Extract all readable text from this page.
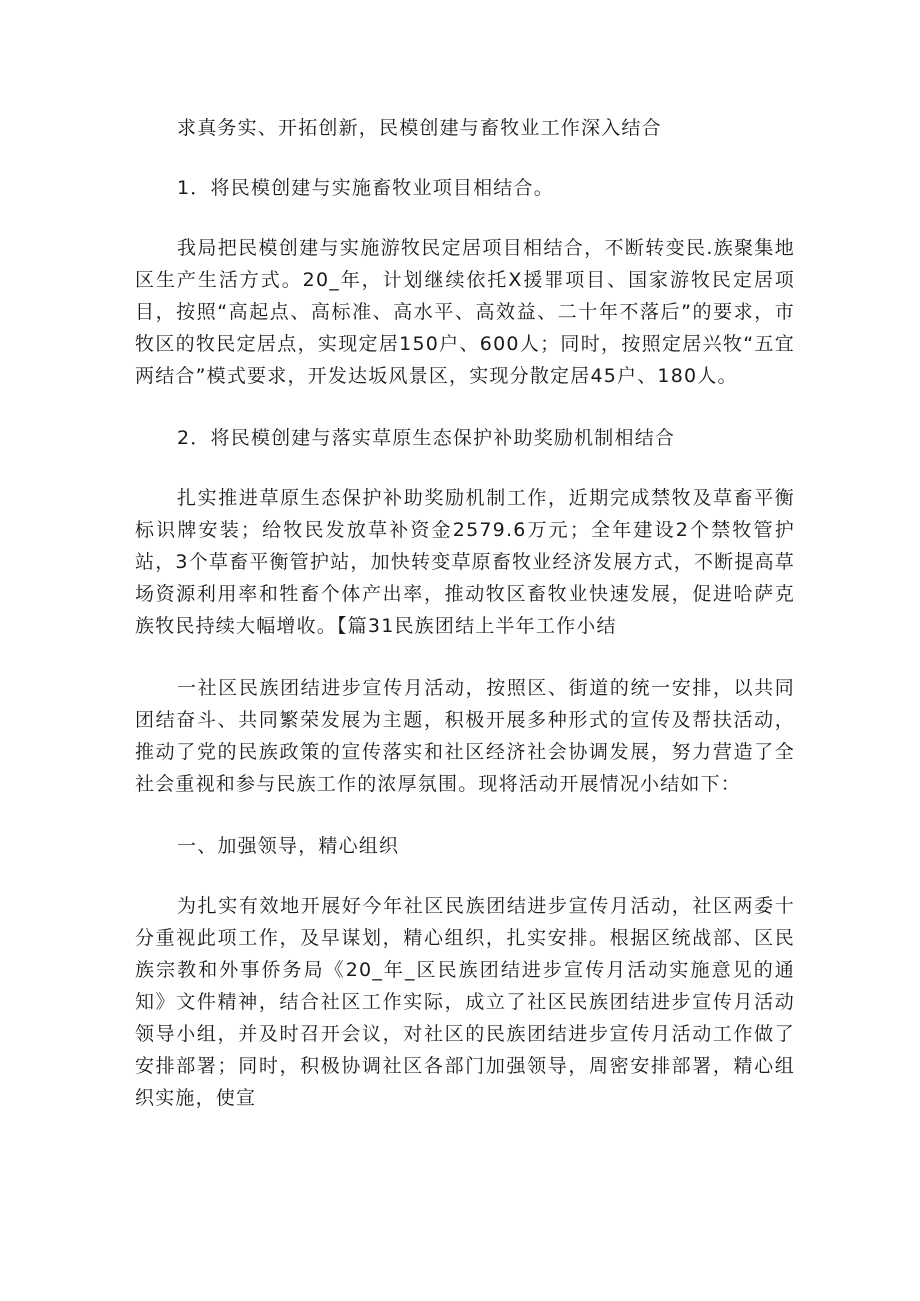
求真务实、开拓创新，民模创建与畜牧业工作深入结合

1．将民模创建与实施畜牧业项目相结合。

我局把民模创建与实施游牧民定居项目相结合，不断转变民.族聚集地区生产生活方式。20_年，计划继续依托X援罪项目、国家游牧民定居项目，按照“高起点、高标准、高水平、高效益、二十年不落后”的要求，市牧区的牧民定居点，实现定居150户、600人；同时，按照定居兴牧“五宜两结合”模式要求，开发达坂风景区，实现分散定居45户、180人。

2．将民模创建与落实草原生态保护补助奖励机制相结合

扎实推进草原生态保护补助奖励机制工作，近期完成禁牧及草畜平衡标识牌安装；给牧民发放草补资金2579.6万元；全年建设2个禁牧管护站，3个草畜平衡管护站，加快转变草原畜牧业经济发展方式，不断提高草场资源利用率和牲畜个体产出率，推动牧区畜牧业快速发展，促进哈萨克族牧民持续大幅增收。【篇31民族团结上半年工作小结

一社区民族团结进步宣传月活动，按照区、街道的统一安排，以共同团结奋斗、共同繁荣发展为主题，积极开展多种形式的宣传及帮扶活动，推动了党的民族政策的宣传落实和社区经济社会协调发展，努力营造了全社会重视和参与民族工作的浓厚氛围。现将活动开展情况小结如下：

一、加强领导，精心组织

为扎实有效地开展好今年社区民族团结进步宣传月活动，社区两委十分重视此项工作，及早谋划，精心组织，扎实安排。根据区统战部、区民族宗教和外事侨务局《20_年_区民族团结进步宣传月活动实施意见的通知》文件精神，结合社区工作实际，成立了社区民族团结进步宣传月活动领导小组，并及时召开会议，对社区的民族团结进步宣传月活动工作做了安排部署；同时，积极协调社区各部门加强领导，周密安排部署，精心组织实施，使宣
